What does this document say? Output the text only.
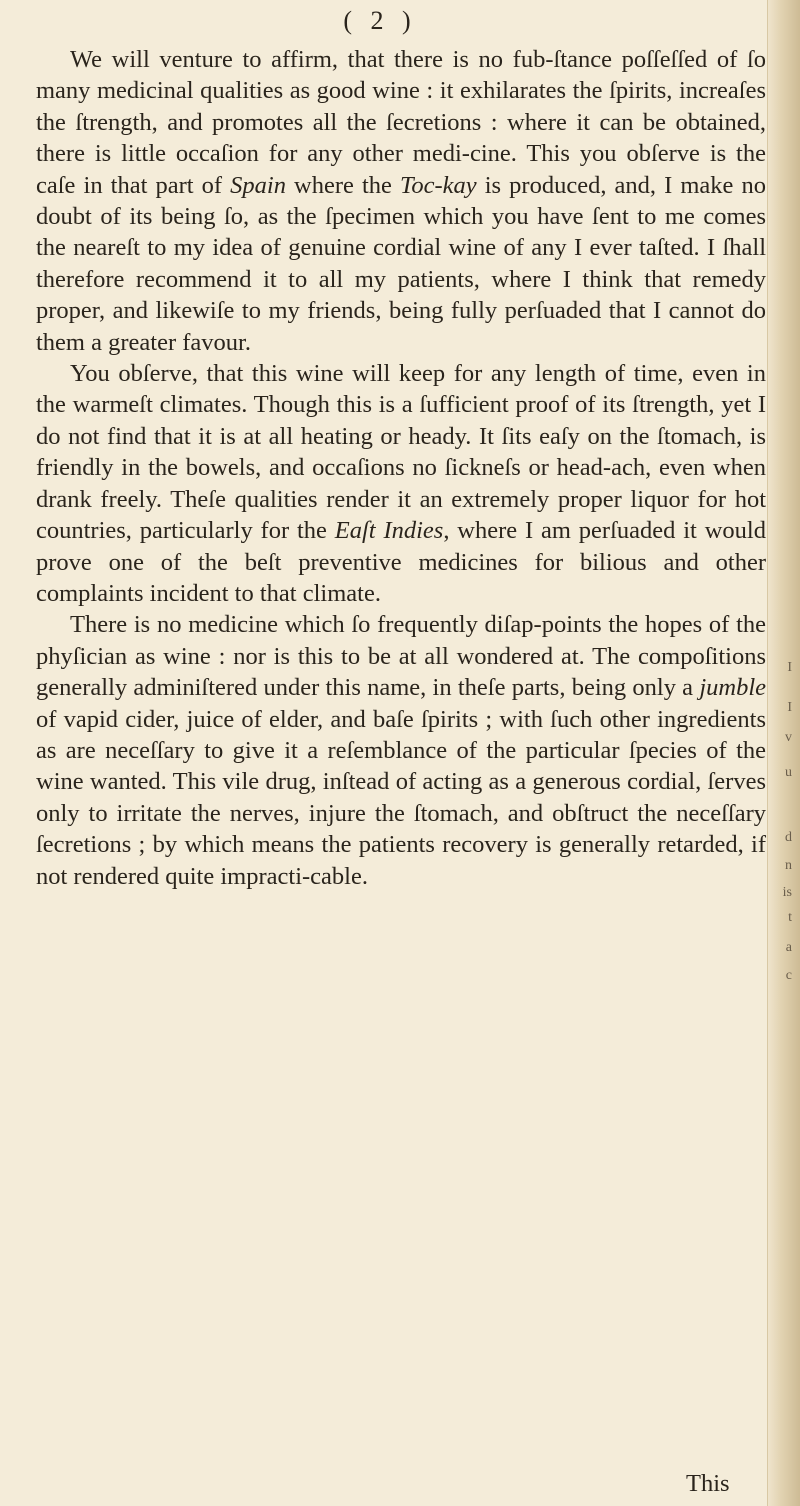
( 2 )

We will venture to affirm, that there is no fub-ſtance poſſeſſed of ſo many medicinal qualities as good wine : it exhilarates the ſpirits, increaſes the ſtrength, and promotes all the ſecretions : where it can be obtained, there is little occaſion for any other medi-cine. This you obſerve is the caſe in that part of Spain where the Toc-kay is produced, and, I make no doubt of its being ſo, as the ſpecimen which you have ſent to me comes the neareſt to my idea of genuine cordial wine of any I ever taſted. I ſhall therefore recommend it to all my patients, where I think that remedy proper, and likewiſe to my friends, being fully perſuaded that I cannot do them a greater favour.

You obſerve, that this wine will keep for any length of time, even in the warmeſt climates. Though this is a ſufficient proof of its ſtrength, yet I do not find that it is at all heating or heady. It ſits eaſy on the ſtomach, is friendly in the bowels, and occaſions no ſickneſs or head-ach, even when drank freely. Theſe qualities render it an extremely proper liquor for hot countries, particularly for the Eaſt Indies, where I am perſuaded it would prove one of the beſt preventive medicines for bilious and other complaints incident to that climate.

There is no medicine which ſo frequently diſap-points the hopes of the phyſician as wine : nor is this to be at all wondered at. The compoſitions generally adminiſtered under this name, in theſe parts, being only a jumble of vapid cider, juice of elder, and baſe ſpirits ; with ſuch other ingredients as are neceſſary to give it a reſemblance of the particular ſpecies of the wine wanted. This vile drug, inſtead of acting as a generous cordial, ſerves only to irritate the nerves, injure the ſtomach, and obſtruct the neceſſary ſecretions ; by which means the patients recovery is generally retarded, if not rendered quite impracti-cable.

This
I
I
v
u
d
n
is
t
a
c
